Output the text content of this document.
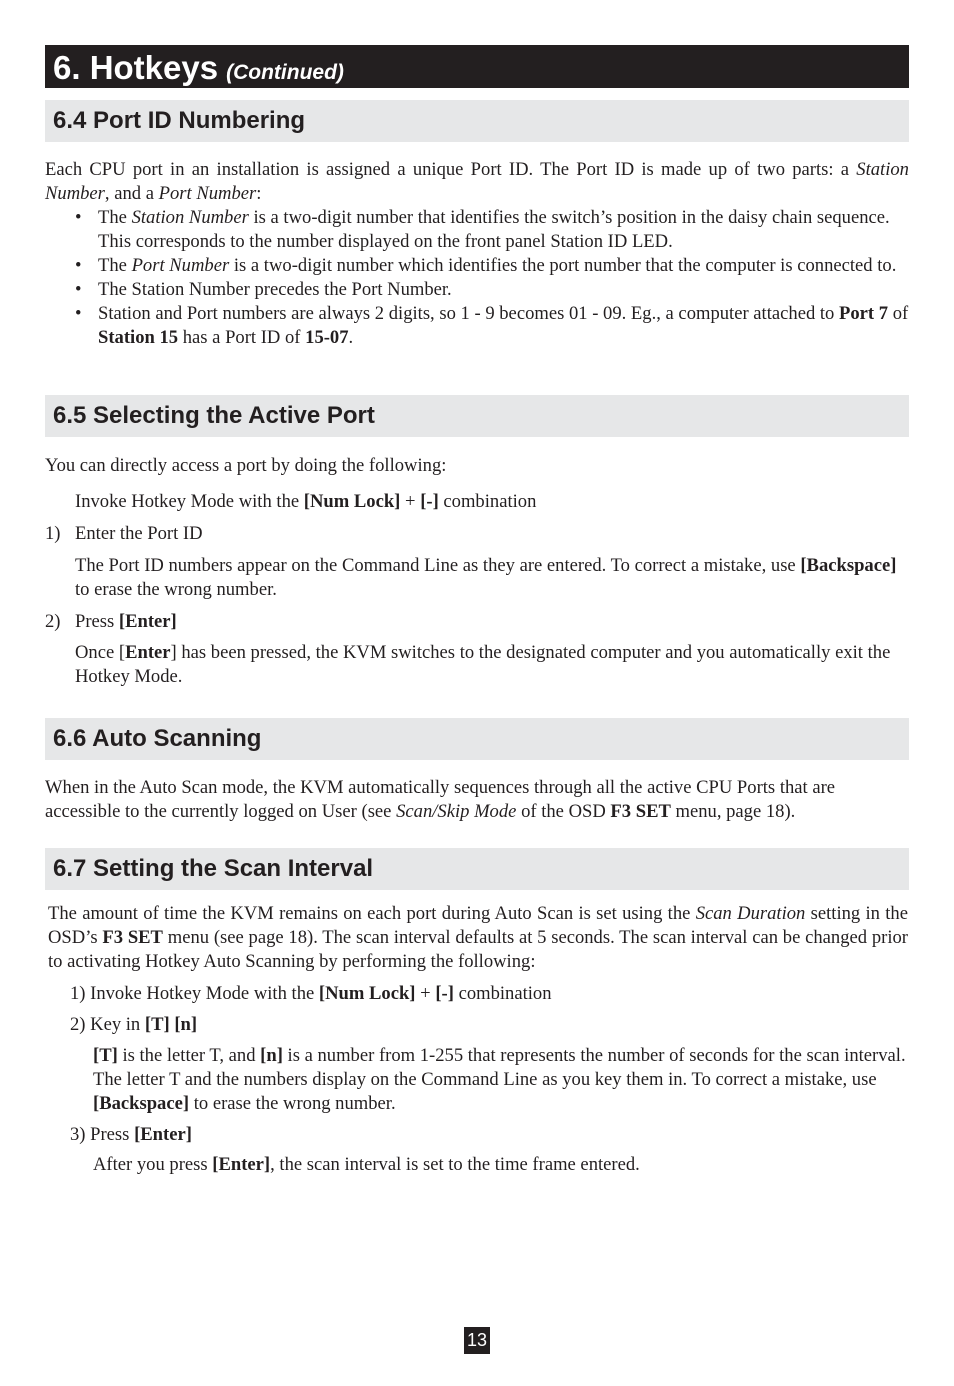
6. Hotkeys (Continued)
6.4 Port ID Numbering

Each CPU port in an installation is assigned a unique Port ID. The Port ID is made up of two parts: a Station Number, and a Port Number:

• The Station Number is a two-digit number that identifies the switch’s position in the daisy chain sequence. This corresponds to the number displayed on the front panel Station ID LED.
• The Port Number is a two-digit number which identifies the port number that the computer is connected to.
• The Station Number precedes the Port Number.
• Station and Port numbers are always 2 digits, so 1 - 9 becomes 01 - 09. Eg., a computer attached to Port 7 of Station 15 has a Port ID of 15-07.
6.5 Selecting the Active Port

You can directly access a port by doing the following:

Invoke Hotkey Mode with the [Num Lock] + [-] combination

1) Enter the Port ID

The Port ID numbers appear on the Command Line as they are entered. To correct a mistake, use [Backspace] to erase the wrong number.

2) Press [Enter]

Once [Enter] has been pressed, the KVM switches to the designated computer and you automatically exit the Hotkey Mode.

6.6 Auto Scanning

When in the Auto Scan mode, the KVM automatically sequences through all the active CPU Ports that are accessible to the currently logged on User (see Scan/Skip Mode of the OSD F3 SET menu, page 18).

6.7 Setting the Scan Interval

The amount of time the KVM remains on each port during Auto Scan is set using the Scan Duration setting in the OSD’s F3 SET menu (see page 18). The scan interval defaults at 5 seconds. The scan interval can be changed prior to activating Hotkey Auto Scanning by performing the following:

1) Invoke Hotkey Mode with the [Num Lock] + [-] combination

2) Key in [T] [n]

[T] is the letter T, and [n] is a number from 1-255 that represents the number of seconds for the scan interval. The letter T and the numbers display on the Command Line as you key them in. To correct a mistake, use [Backspace] to erase the wrong number.

3) Press [Enter]

After you press [Enter], the scan interval is set to the time frame entered.

13
